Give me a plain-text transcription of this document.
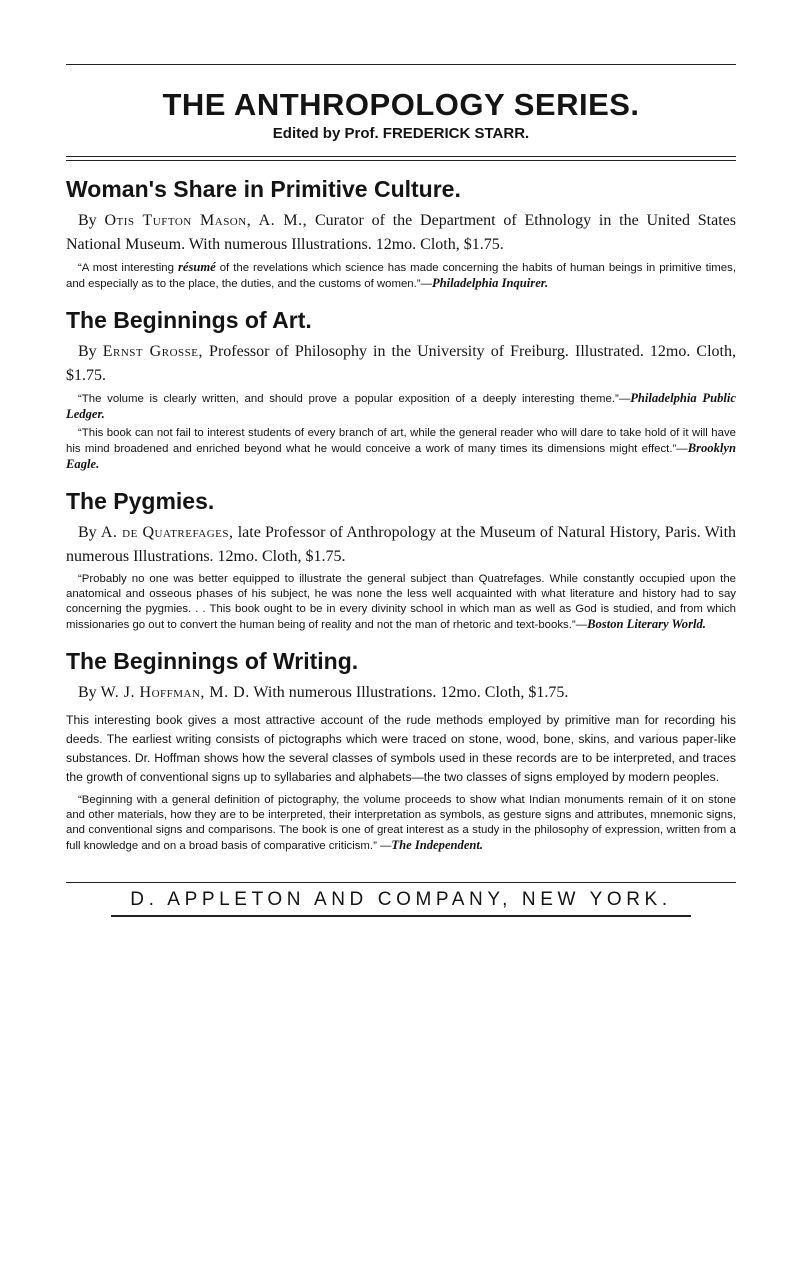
THE ANTHROPOLOGY SERIES.
Edited by Prof. FREDERICK STARR.
Woman's Share in Primitive Culture.

By Otis Tufton Mason, A. M., Curator of the Department of Ethnology in the United States National Museum. With numerous Illustrations. 12mo. Cloth, $1.75.

“A most interesting résumé of the revelations which science has made concerning the habits of human beings in primitive times, and especially as to the place, the duties, and the customs of women.”—Philadelphia Inquirer.

The Beginnings of Art.

By Ernst Grosse, Professor of Philosophy in the University of Freiburg. Illustrated. 12mo. Cloth, $1.75.

“The volume is clearly written, and should prove a popular exposition of a deeply interesting theme.”—Philadelphia Public Ledger.

“This book can not fail to interest students of every branch of art, while the general reader who will dare to take hold of it will have his mind broadened and enriched beyond what he would conceive a work of many times its dimensions might effect.”—Brooklyn Eagle.

The Pygmies.

By A. de Quatrefages, late Professor of Anthropology at the Museum of Natural History, Paris. With numerous Illustrations. 12mo. Cloth, $1.75.

“Probably no one was better equipped to illustrate the general subject than Quatrefages. While constantly occupied upon the anatomical and osseous phases of his subject, he was none the less well acquainted with what literature and history had to say concerning the pygmies. . . This book ought to be in every divinity school in which man as well as God is studied, and from which missionaries go out to convert the human being of reality and not the man of rhetoric and text-books.”—Boston Literary World.

The Beginnings of Writing.

By W. J. Hoffman, M. D. With numerous Illustrations. 12mo. Cloth, $1.75.

This interesting book gives a most attractive account of the rude methods employed by primitive man for recording his deeds. The earliest writing consists of pictographs which were traced on stone, wood, bone, skins, and various paper-like substances. Dr. Hoffman shows how the several classes of symbols used in these records are to be interpreted, and traces the growth of conventional signs up to syllabaries and alphabets—the two classes of signs employed by modern peoples.

“Beginning with a general definition of pictography, the volume proceeds to show what Indian monuments remain of it on stone and other materials, how they are to be interpreted, their interpretation as symbols, as gesture signs and attributes, mnemonic signs, and conventional signs and comparisons. The book is one of great interest as a study in the philosophy of expression, written from a full knowledge and on a broad basis of comparative criticism.” —The Independent.

D. APPLETON AND COMPANY, NEW YORK.
